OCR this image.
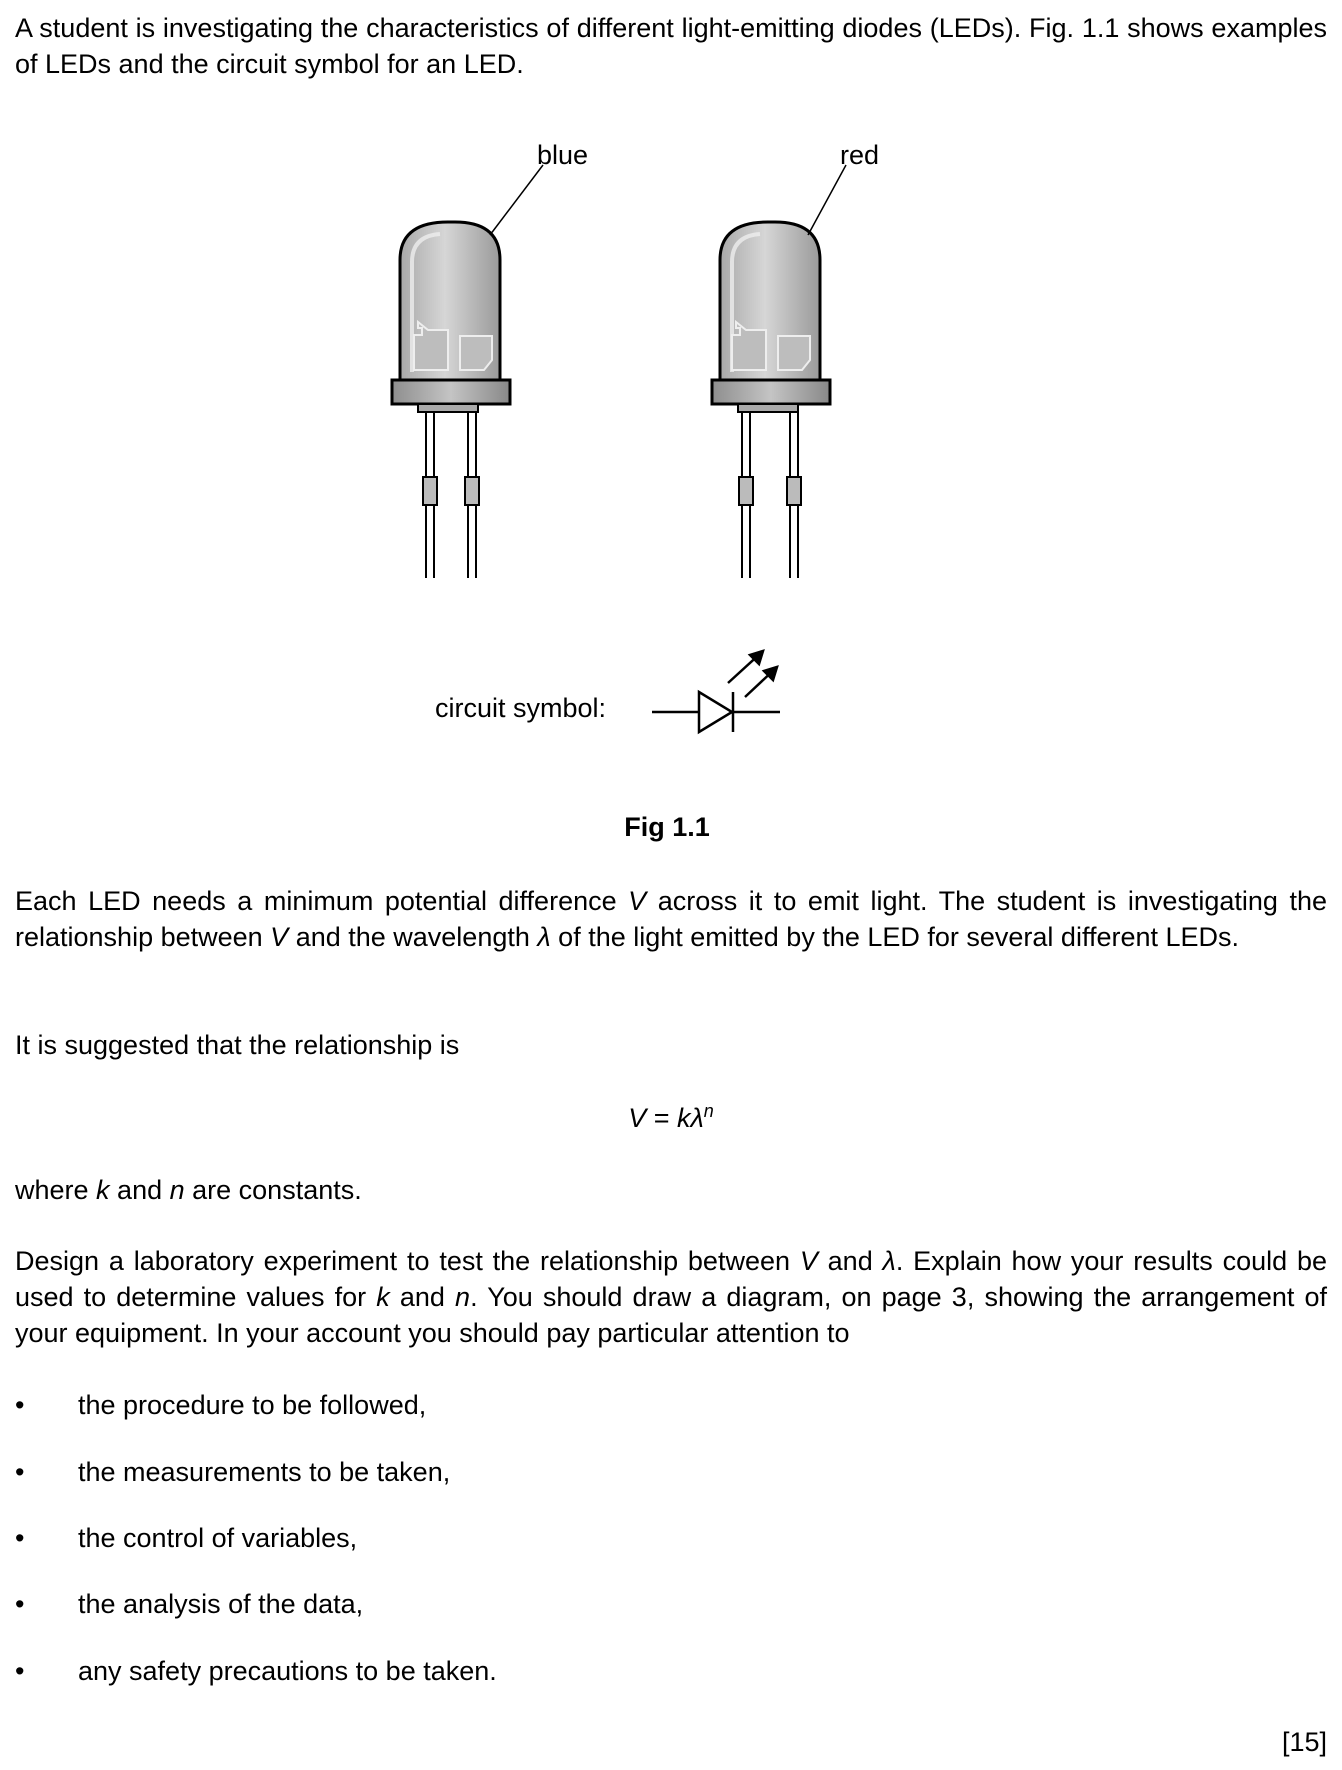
A student is investigating the characteristics of different light-emitting diodes (LEDs). Fig. 1.1 shows examples of LEDs and the circuit symbol for an LED.
blue	red
circuit symbol:
Fig 1.1
Each LED needs a minimum potential difference V across it to emit light. The student is investigating the relationship between V and the wavelength λ of the light emitted by the LED for several different LEDs.
It is suggested that the relationship is
$V = k\lambda^n$
where k and n are constants.
Design a laboratory experiment to test the relationship between V and λ. Explain how your results could be used to determine values for k and n. You should draw a diagram, on page 3, showing the arrangement of your equipment. In your account you should pay particular attention to
• the procedure to be followed,
• the measurements to be taken,
• the control of variables,
• the analysis of the data,
• any safety precautions to be taken.
[15]
